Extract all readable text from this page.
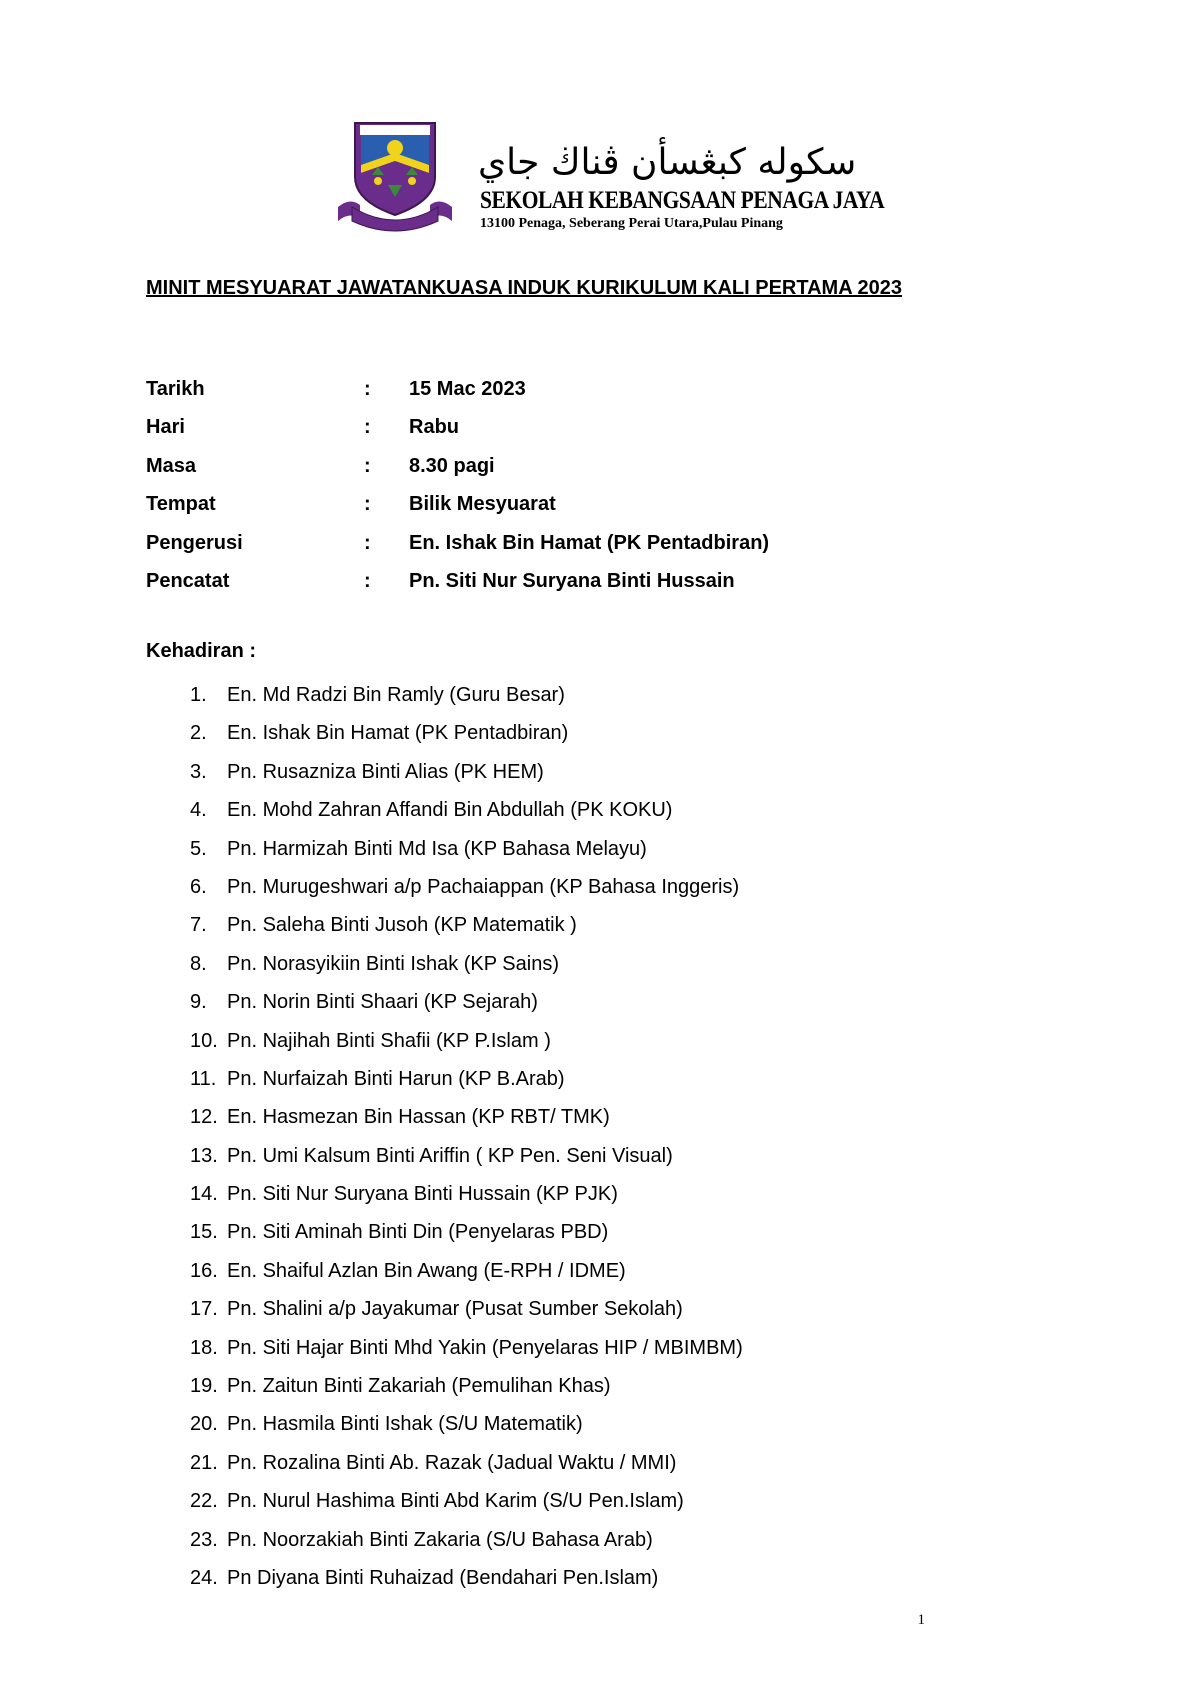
سکوله کبڠسأن ڤناڬ جاي
SEKOLAH KEBANGSAAN PENAGA JAYA
13100 Penaga, Seberang Perai Utara,Pulau Pinang
MINIT MESYUARAT JAWATANKUASA INDUK KURIKULUM KALI PERTAMA 2023
Tarikh	: 15 Mac 2023
Hari	: Rabu
Masa	: 8.30 pagi
Tempat	: Bilik Mesyuarat
Pengerusi	: En. Ishak Bin Hamat (PK Pentadbiran)
Pencatat	: Pn. Siti Nur Suryana Binti Hussain
Kehadiran :
1. En. Md Radzi Bin Ramly (Guru Besar)
2. En. Ishak Bin Hamat (PK Pentadbiran)
3. Pn. Rusazniza Binti Alias (PK HEM)
4. En. Mohd Zahran Affandi Bin Abdullah (PK KOKU)
5. Pn. Harmizah Binti Md Isa (KP Bahasa Melayu)
6. Pn. Murugeshwari a/p Pachaiappan (KP Bahasa Inggeris)
7. Pn. Saleha Binti Jusoh (KP Matematik )
8. Pn. Norasyikiin Binti Ishak (KP Sains)
9. Pn. Norin Binti Shaari (KP Sejarah)
10. Pn. Najihah Binti Shafii (KP P.Islam )
11. Pn. Nurfaizah Binti Harun (KP B.Arab)
12. En. Hasmezan Bin Hassan (KP RBT/ TMK)
13. Pn. Umi Kalsum Binti Ariffin ( KP Pen. Seni Visual)
14. Pn. Siti Nur Suryana Binti Hussain (KP PJK)
15. Pn. Siti Aminah Binti Din (Penyelaras PBD)
16. En. Shaiful Azlan Bin Awang (E-RPH / IDME)
17. Pn. Shalini a/p Jayakumar (Pusat Sumber Sekolah)
18. Pn. Siti Hajar Binti Mhd Yakin (Penyelaras HIP / MBIMBM)
19. Pn. Zaitun Binti Zakariah (Pemulihan Khas)
20. Pn. Hasmila Binti Ishak (S/U Matematik)
21. Pn. Rozalina Binti Ab. Razak (Jadual Waktu / MMI)
22. Pn. Nurul Hashima Binti Abd Karim (S/U Pen.Islam)
23. Pn. Noorzakiah Binti Zakaria (S/U Bahasa Arab)
24. Pn Diyana Binti Ruhaizad (Bendahari Pen.Islam)
1
